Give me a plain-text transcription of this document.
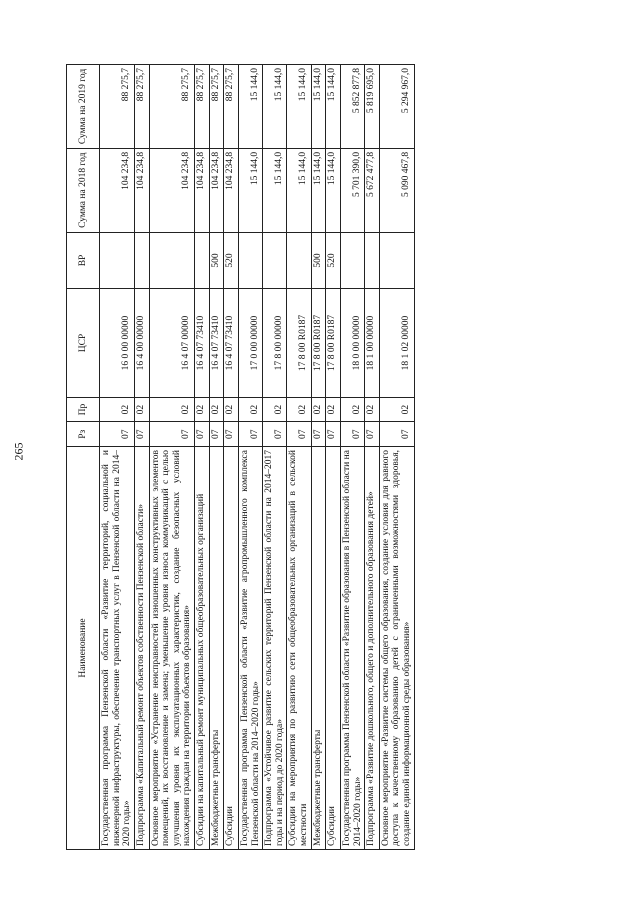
265
Наименование	Рз	Пр	ЦСР	ВР	Сумма на 2018 год	Сумма на 2019 год
Государственная программа Пензенской области «Развитие территорий, социальной и инженерной инфраструктуры, обеспечение транспортных услуг в Пензенской области на 2014–2020 годы»	07	02	16 0 00 00000		104 234,8	88 275,7
Подпрограмма «Капитальный ремонт объектов собственности Пензенской области»	07	02	16 4 00 00000		104 234,8	88 275,7
Основное мероприятие «Устранение неисправностей изношенных конструктивных элементов помещений, их восстановление и замена; уменьшение уровня износа коммуникаций с целью улучшения уровня их эксплуатационных характеристик, создание безопасных условий нахождения граждан на территории объектов образования»	07	02	16 4 07 00000		104 234,8	88 275,7
Субсидии на капитальный ремонт муниципальных общеобразовательных организаций	07	02	16 4 07 73410		104 234,8	88 275,7
Межбюджетные трансферты	07	02	16 4 07 73410	500	104 234,8	88 275,7
Субсидии	07	02	16 4 07 73410	520	104 234,8	88 275,7
Государственная программа Пензенской области «Развитие агропромышленного комплекса Пензенской области на 2014–2020 годы»	07	02	17 0 00 00000		15 144,0	15 144,0
Подпрограмма «Устойчивое развитие сельских территорий Пензенской области на 2014–2017 годы и на период до 2020 года»	07	02	17 8 00 00000		15 144,0	15 144,0
Субсидии на мероприятия по развитию сети общеобразовательных организаций в сельской местности	07	02	17 8 00 R0187		15 144,0	15 144,0
Межбюджетные трансферты	07	02	17 8 00 R0187	500	15 144,0	15 144,0
Субсидии	07	02	17 8 00 R0187	520	15 144,0	15 144,0
Государственная программа Пензенской области «Развитие образования в Пензенской области на 2014–2020 годы»	07	02	18 0 00 00000		5 701 390,0	5 852 877,8
Подпрограмма «Развитие дошкольного, общего и дополнительного образования детей»	07	02	18 1 00 00000		5 672 477,8	5 819 695,0
Основное мероприятие «Развитие системы общего образования, создание условия для равного доступа к качественному образованию детей с ограниченными возможностями здоровья, создание единой информационной среды образования»	07	02	18 1 02 00000		5 090 467,8	5 294 967,0
